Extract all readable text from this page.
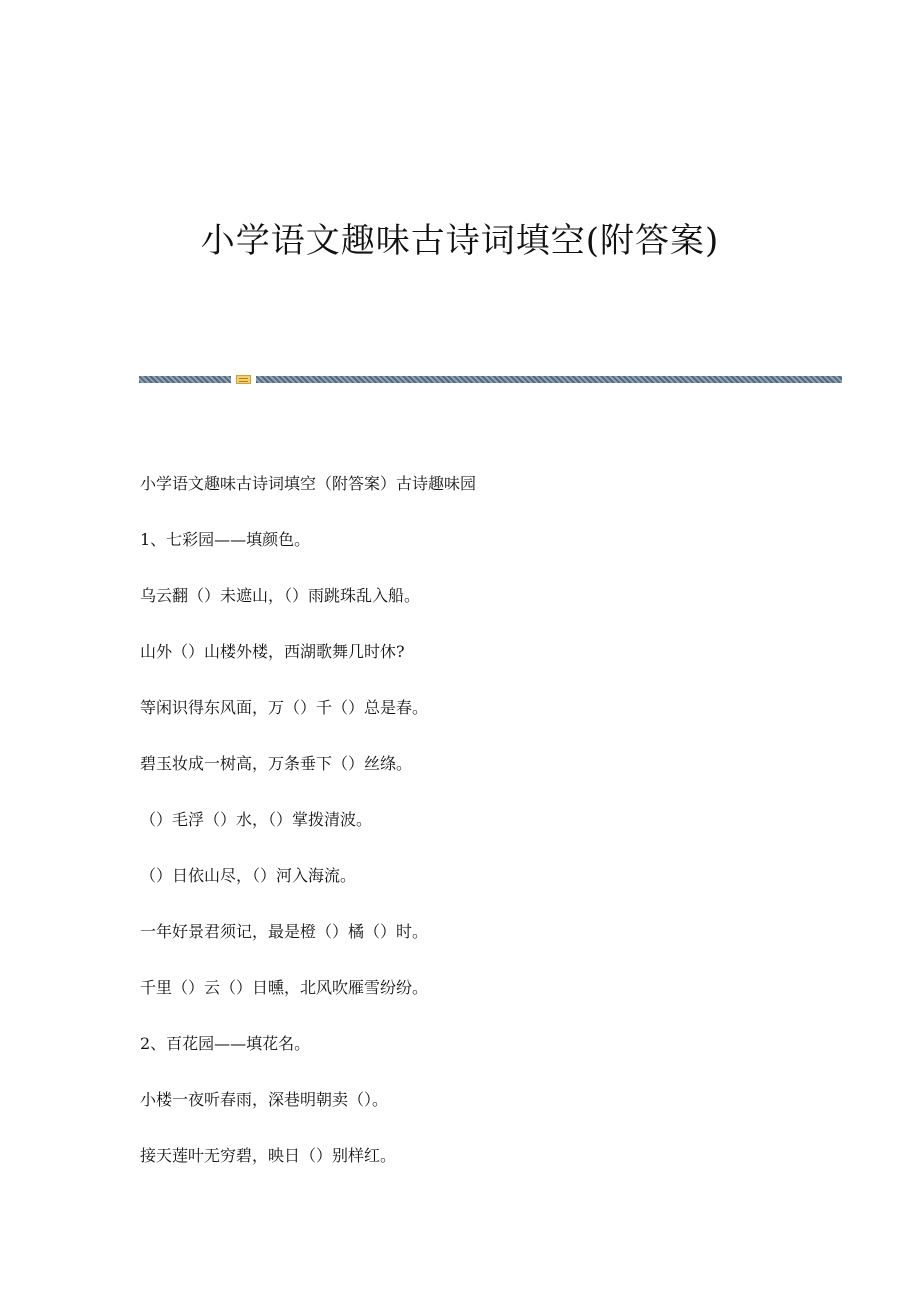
小学语文趣味古诗词填空(附答案)

小学语文趣味古诗词填空（附答案）古诗趣味园

1、七彩园——填颜色。

乌云翻（）未遮山，（）雨跳珠乱入船。

山外（）山楼外楼，西湖歌舞几时休?

等闲识得东风面，万（）千（）总是春。

碧玉妆成一树高，万条垂下（）丝绦。

（）毛浮（）水，（）掌拨清波。

（）日依山尽，（）河入海流。

一年好景君须记，最是橙（）橘（）时。

千里（）云（）日曛，北风吹雁雪纷纷。

2、百花园——填花名。

小楼一夜听春雨，深巷明朝卖（）。

接天莲叶无穷碧，映日（）别样红。
